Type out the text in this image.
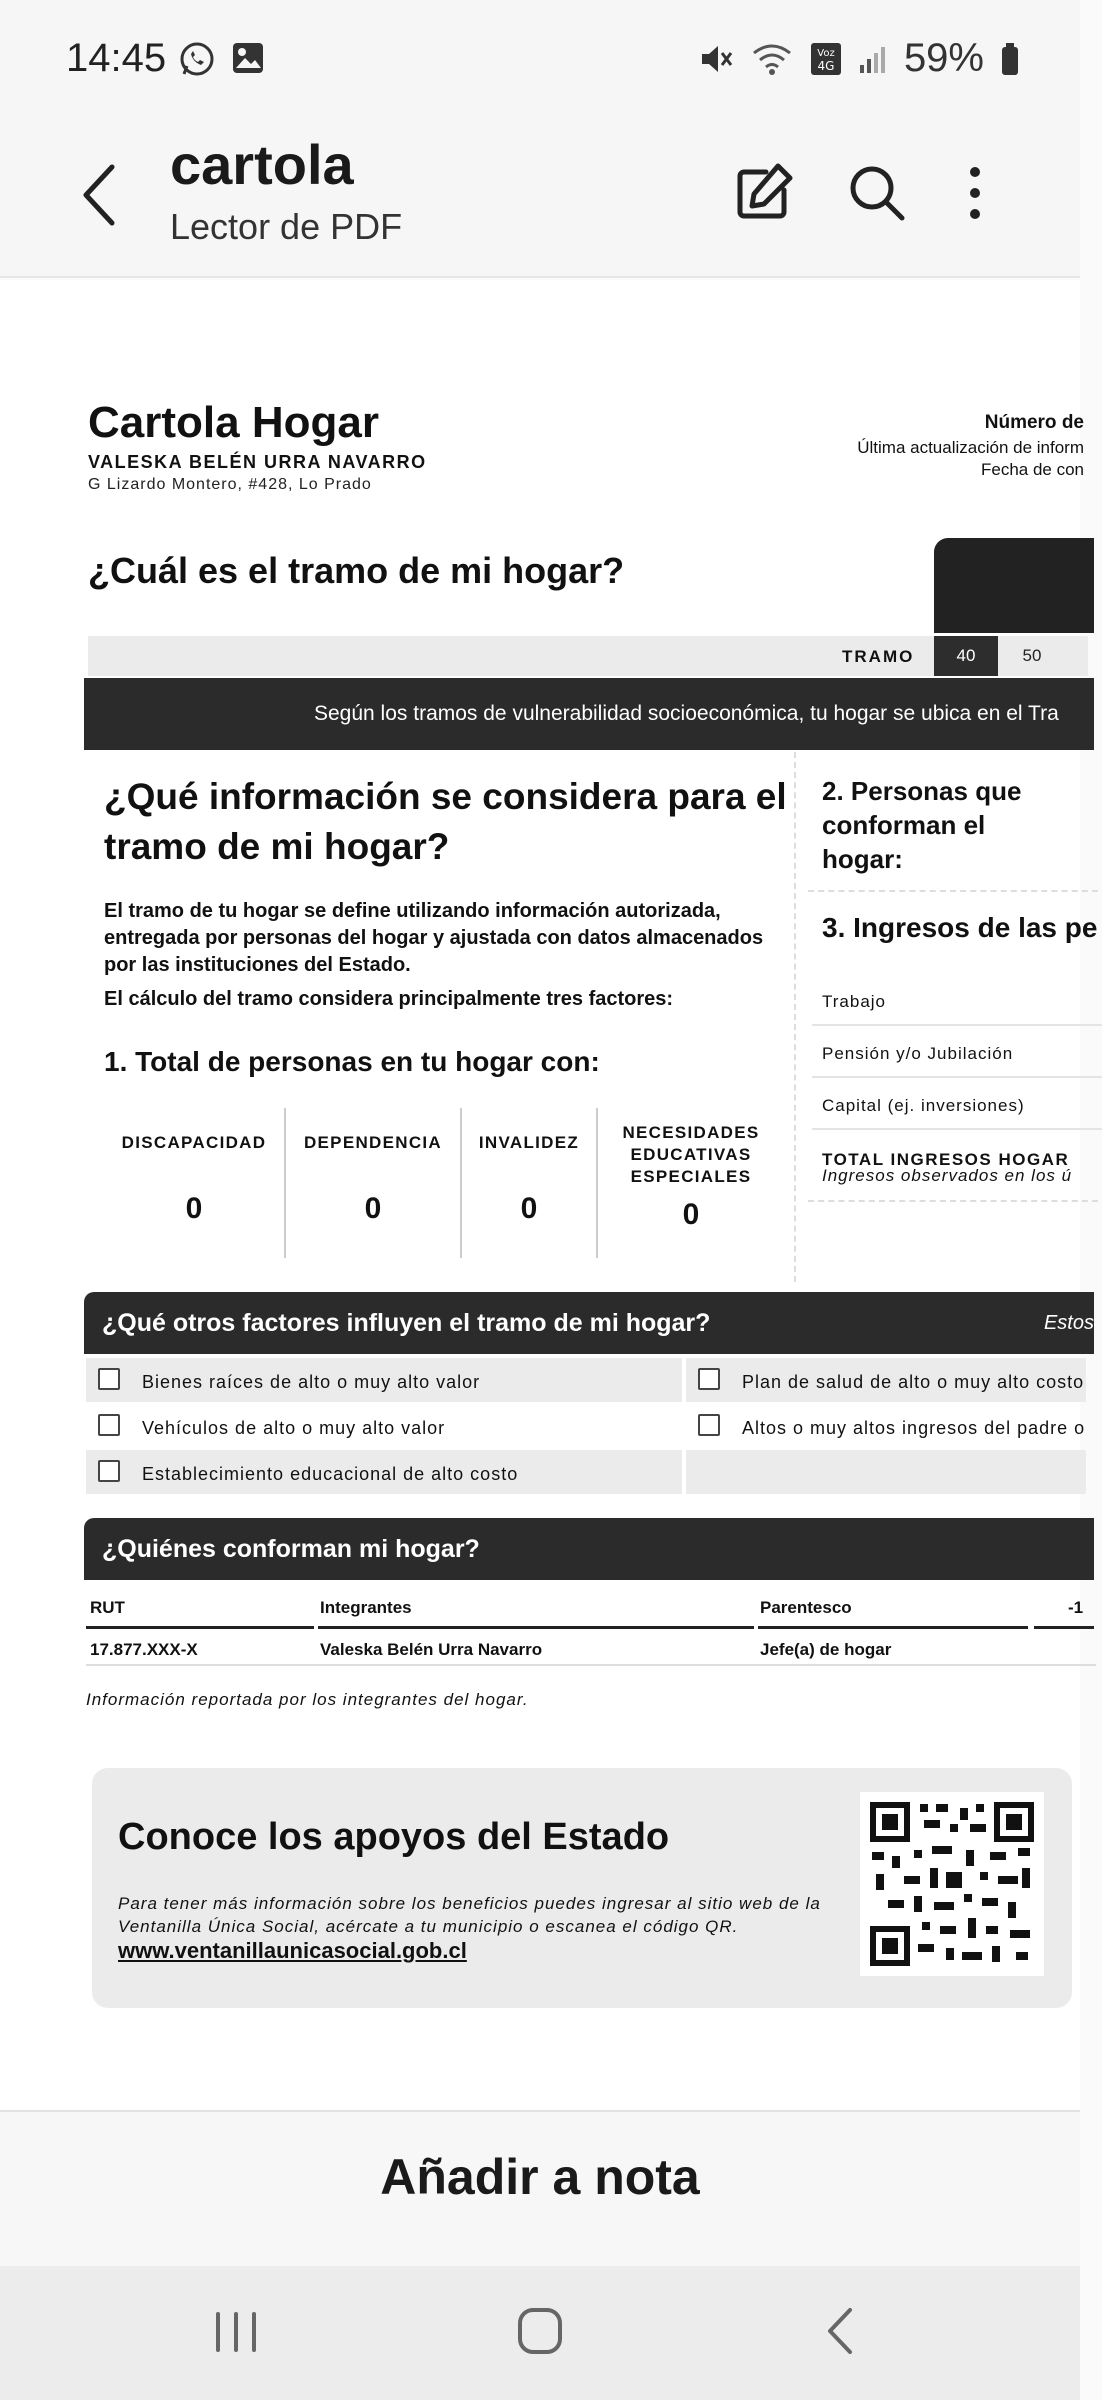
14:45	Voz
4G 59%
cartola
Lector de PDF
Cartola Hogar
VALESKA BELÉN URRA NAVARRO
G Lizardo Montero, #428, Lo Prado
Número de
Última actualización de inform
Fecha de con
¿Cuál es el tramo de mi hogar?
TRAMO	40	50
Según los tramos de vulnerabilidad socioeconómica, tu hogar se ubica en el Tra
¿Qué información se considera para el tramo de mi hogar?
El tramo de tu hogar se define utilizando información autorizada, entregada por personas del hogar y ajustada con datos almacenados por las instituciones del Estado.
El cálculo del tramo considera principalmente tres factores:
1. Total de personas en tu hogar con:
DISCAPACIDAD
0
DEPENDENCIA
0
INVALIDEZ
0
NECESIDADES EDUCATIVAS ESPECIALES
0
2. Personas que conforman el hogar:
3. Ingresos de las pe
Trabajo
Pensión y/o Jubilación
Capital (ej. inversiones)
TOTAL INGRESOS HOGAR
Ingresos observados en los ú
¿Qué otros factores influyen el tramo de mi hogar?	Estos
Bienes raíces de alto o muy alto valor	Plan de salud de alto o muy alto costo
Vehículos de alto o muy alto valor	Altos o muy altos ingresos del padre o
Establecimiento educacional de alto costo
¿Quiénes conforman mi hogar?
RUT	Integrantes	Parentesco	-1
17.877.XXX-X	Valeska Belén Urra Navarro	Jefe(a) de hogar
Información reportada por los integrantes del hogar.
Conoce los apoyos del Estado
Para tener más información sobre los beneficios puedes ingresar al sitio web de la Ventanilla Única Social, acércate a tu municipio o escanea el código QR.
www.ventanillaunicasocial.gob.cl
Añadir a nota
